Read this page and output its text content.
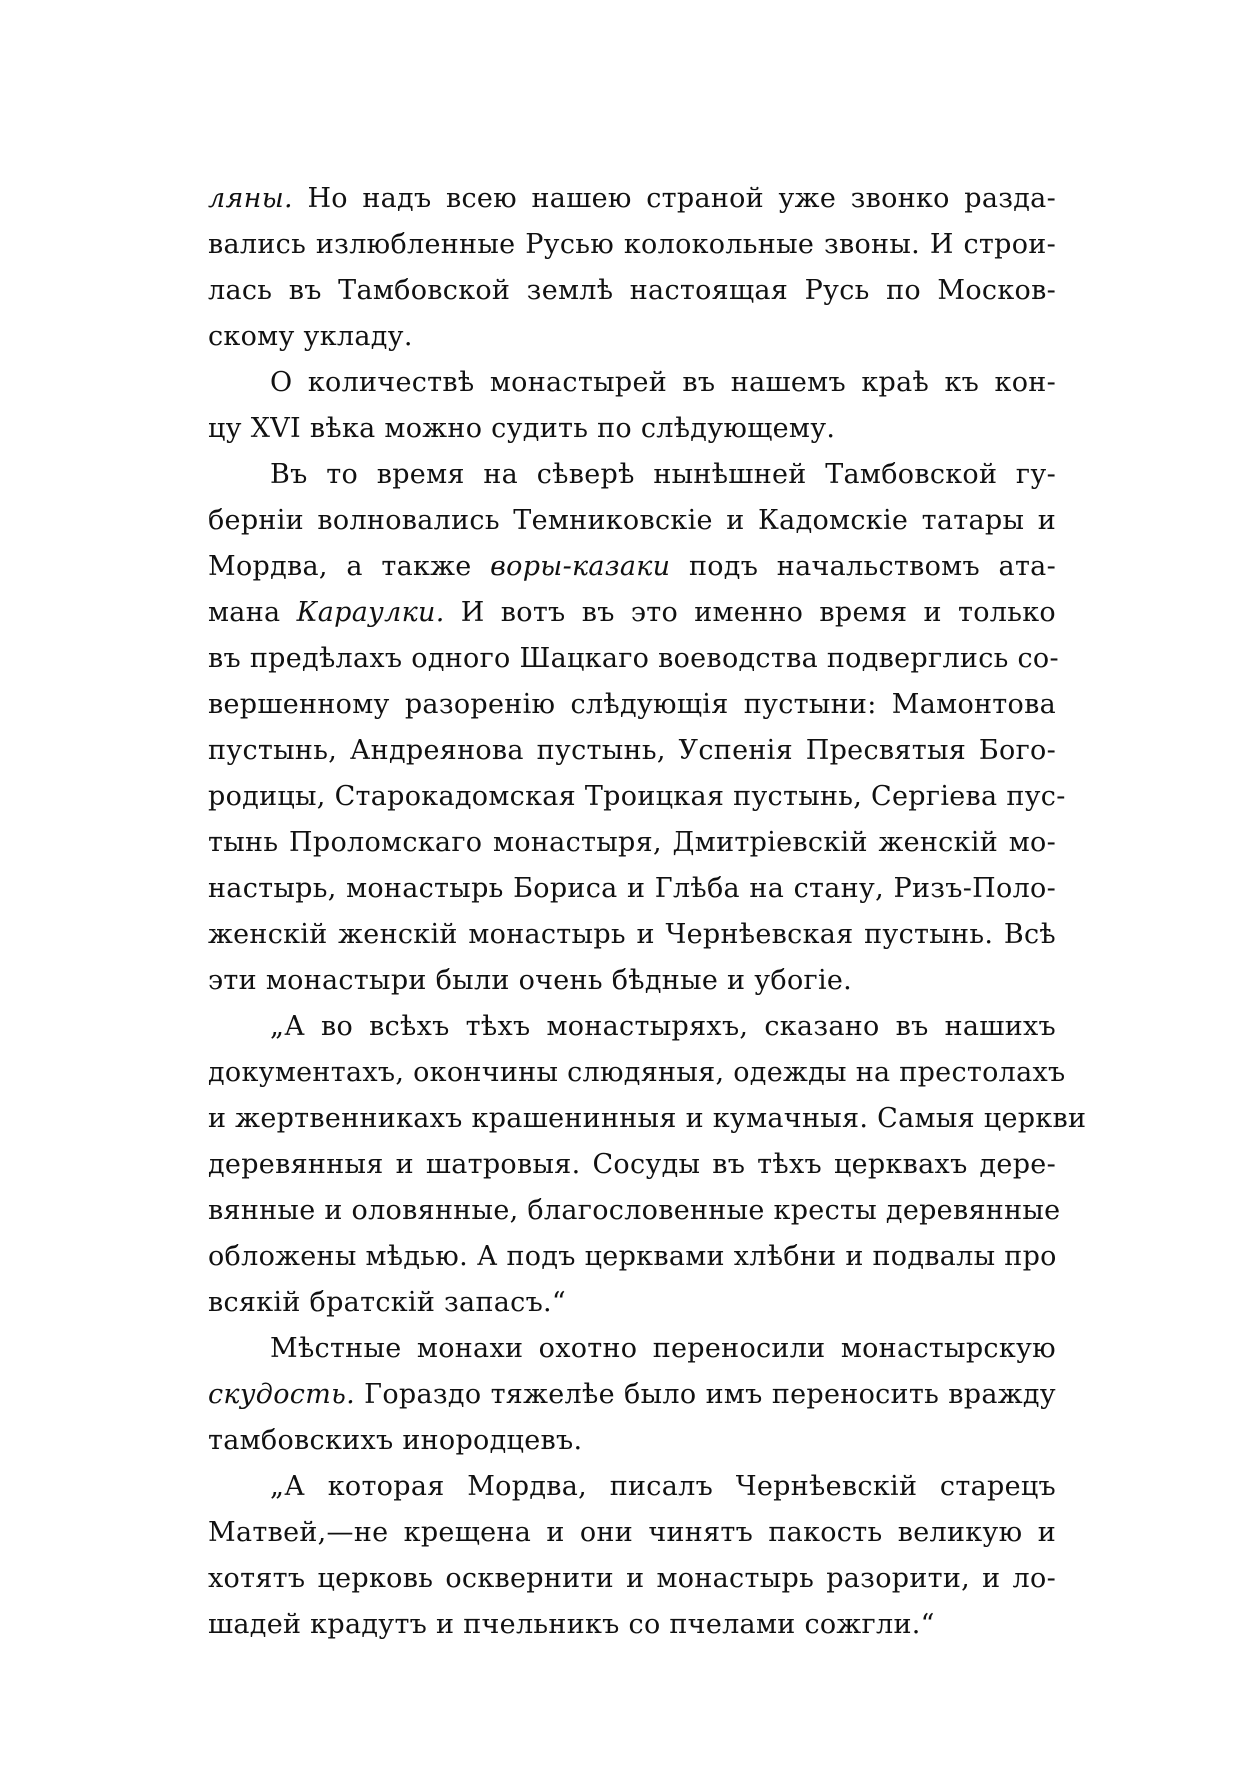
ляны. Но надъ всею нашею страной уже звонко разда-
вались излюбленные Русью колокольные звоны. И строи-
лась въ Тамбовской землѣ настоящая Русь по Москов-
скому укладу.
О количествѣ монастырей въ нашемъ краѣ къ кон-
цу XVI вѣка можно судить по слѣдующему.
Въ то время на сѣверѣ нынѣшней Тамбовской гу-
берніи волновались Темниковскіе и Кадомскіе татары и
Мордва, а также воры-казаки подъ начальствомъ ата-
мана Караулки. И вотъ въ это именно время и только
въ предѣлахъ одного Шацкаго воеводства подверглись со-
вершенному разоренію слѣдующія пустыни: Мамонтова
пустынь, Андреянова пустынь, Успенія Пресвятыя Бого-
родицы, Старокадомская Троицкая пустынь, Сергіева пус-
тынь Проломскаго монастыря, Дмитріевскій женскій мо-
настырь, монастырь Бориса и Глѣба на стану, Ризъ-Поло-
женскій женскій монастырь и Чернѣевская пустынь. Всѣ
эти монастыри были очень бѣдные и убогіе.
„А во всѣхъ тѣхъ монастыряхъ, сказано въ нашихъ
документахъ, окончины слюдяныя, одежды на престолахъ
и жертвенникахъ крашенинныя и кумачныя. Самыя церкви
деревянныя и шатровыя. Сосуды въ тѣхъ церквахъ дере-
вянные и оловянные, благословенные кресты деревянные
обложены мѣдью. А подъ церквами хлѣбни и подвалы про
всякій братскій запасъ.“
Мѣстные монахи охотно переносили монастырскую
скудость. Гораздо тяжелѣе было имъ переносить вражду
тамбовскихъ инородцевъ.
„А которая Мордва, писалъ Чернѣевскій старецъ
Матвей,—не крещена и они чинятъ пакость великую и
хотятъ церковь осквернити и монастырь разорити, и ло-
шадей крадутъ и пчельникъ со пчелами сожгли.“
